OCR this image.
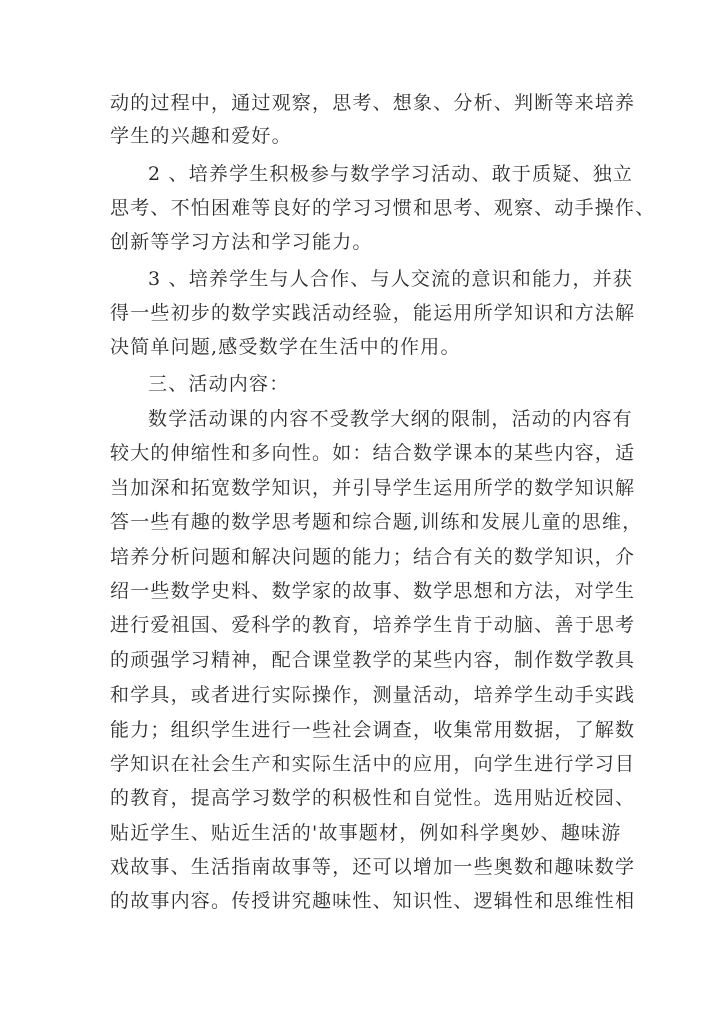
动的过程中，通过观察，思考、想象、分析、判断等来培养
学生的兴趣和爱好。
2 、培养学生积极参与数学学习活动、敢于质疑、独立
思考、不怕困难等良好的学习习惯和思考、观察、动手操作、
创新等学习方法和学习能力。
3 、培养学生与人合作、与人交流的意识和能力，并获
得一些初步的数学实践活动经验，能运用所学知识和方法解
决简单问题,感受数学在生活中的作用。
三、活动内容：
数学活动课的内容不受教学大纲的限制，活动的内容有
较大的伸缩性和多向性。如：结合数学课本的某些内容，适
当加深和拓宽数学知识，并引导学生运用所学的数学知识解
答一些有趣的数学思考题和综合题,训练和发展儿童的思维，
培养分析问题和解决问题的能力；结合有关的数学知识，介
绍一些数学史料、数学家的故事、数学思想和方法，对学生
进行爱祖国、爱科学的教育，培养学生肯于动脑、善于思考
的顽强学习精神，配合课堂教学的某些内容，制作数学教具
和学具，或者进行实际操作，测量活动，培养学生动手实践
能力；组织学生进行一些社会调查，收集常用数据，了解数
学知识在社会生产和实际生活中的应用，向学生进行学习目
的教育，提高学习数学的积极性和自觉性。选用贴近校园、
贴近学生、贴近生活的'故事题材，例如科学奥妙、趣味游
戏故事、生活指南故事等，还可以增加一些奥数和趣味数学
的故事内容。传授讲究趣味性、知识性、逻辑性和思维性相
